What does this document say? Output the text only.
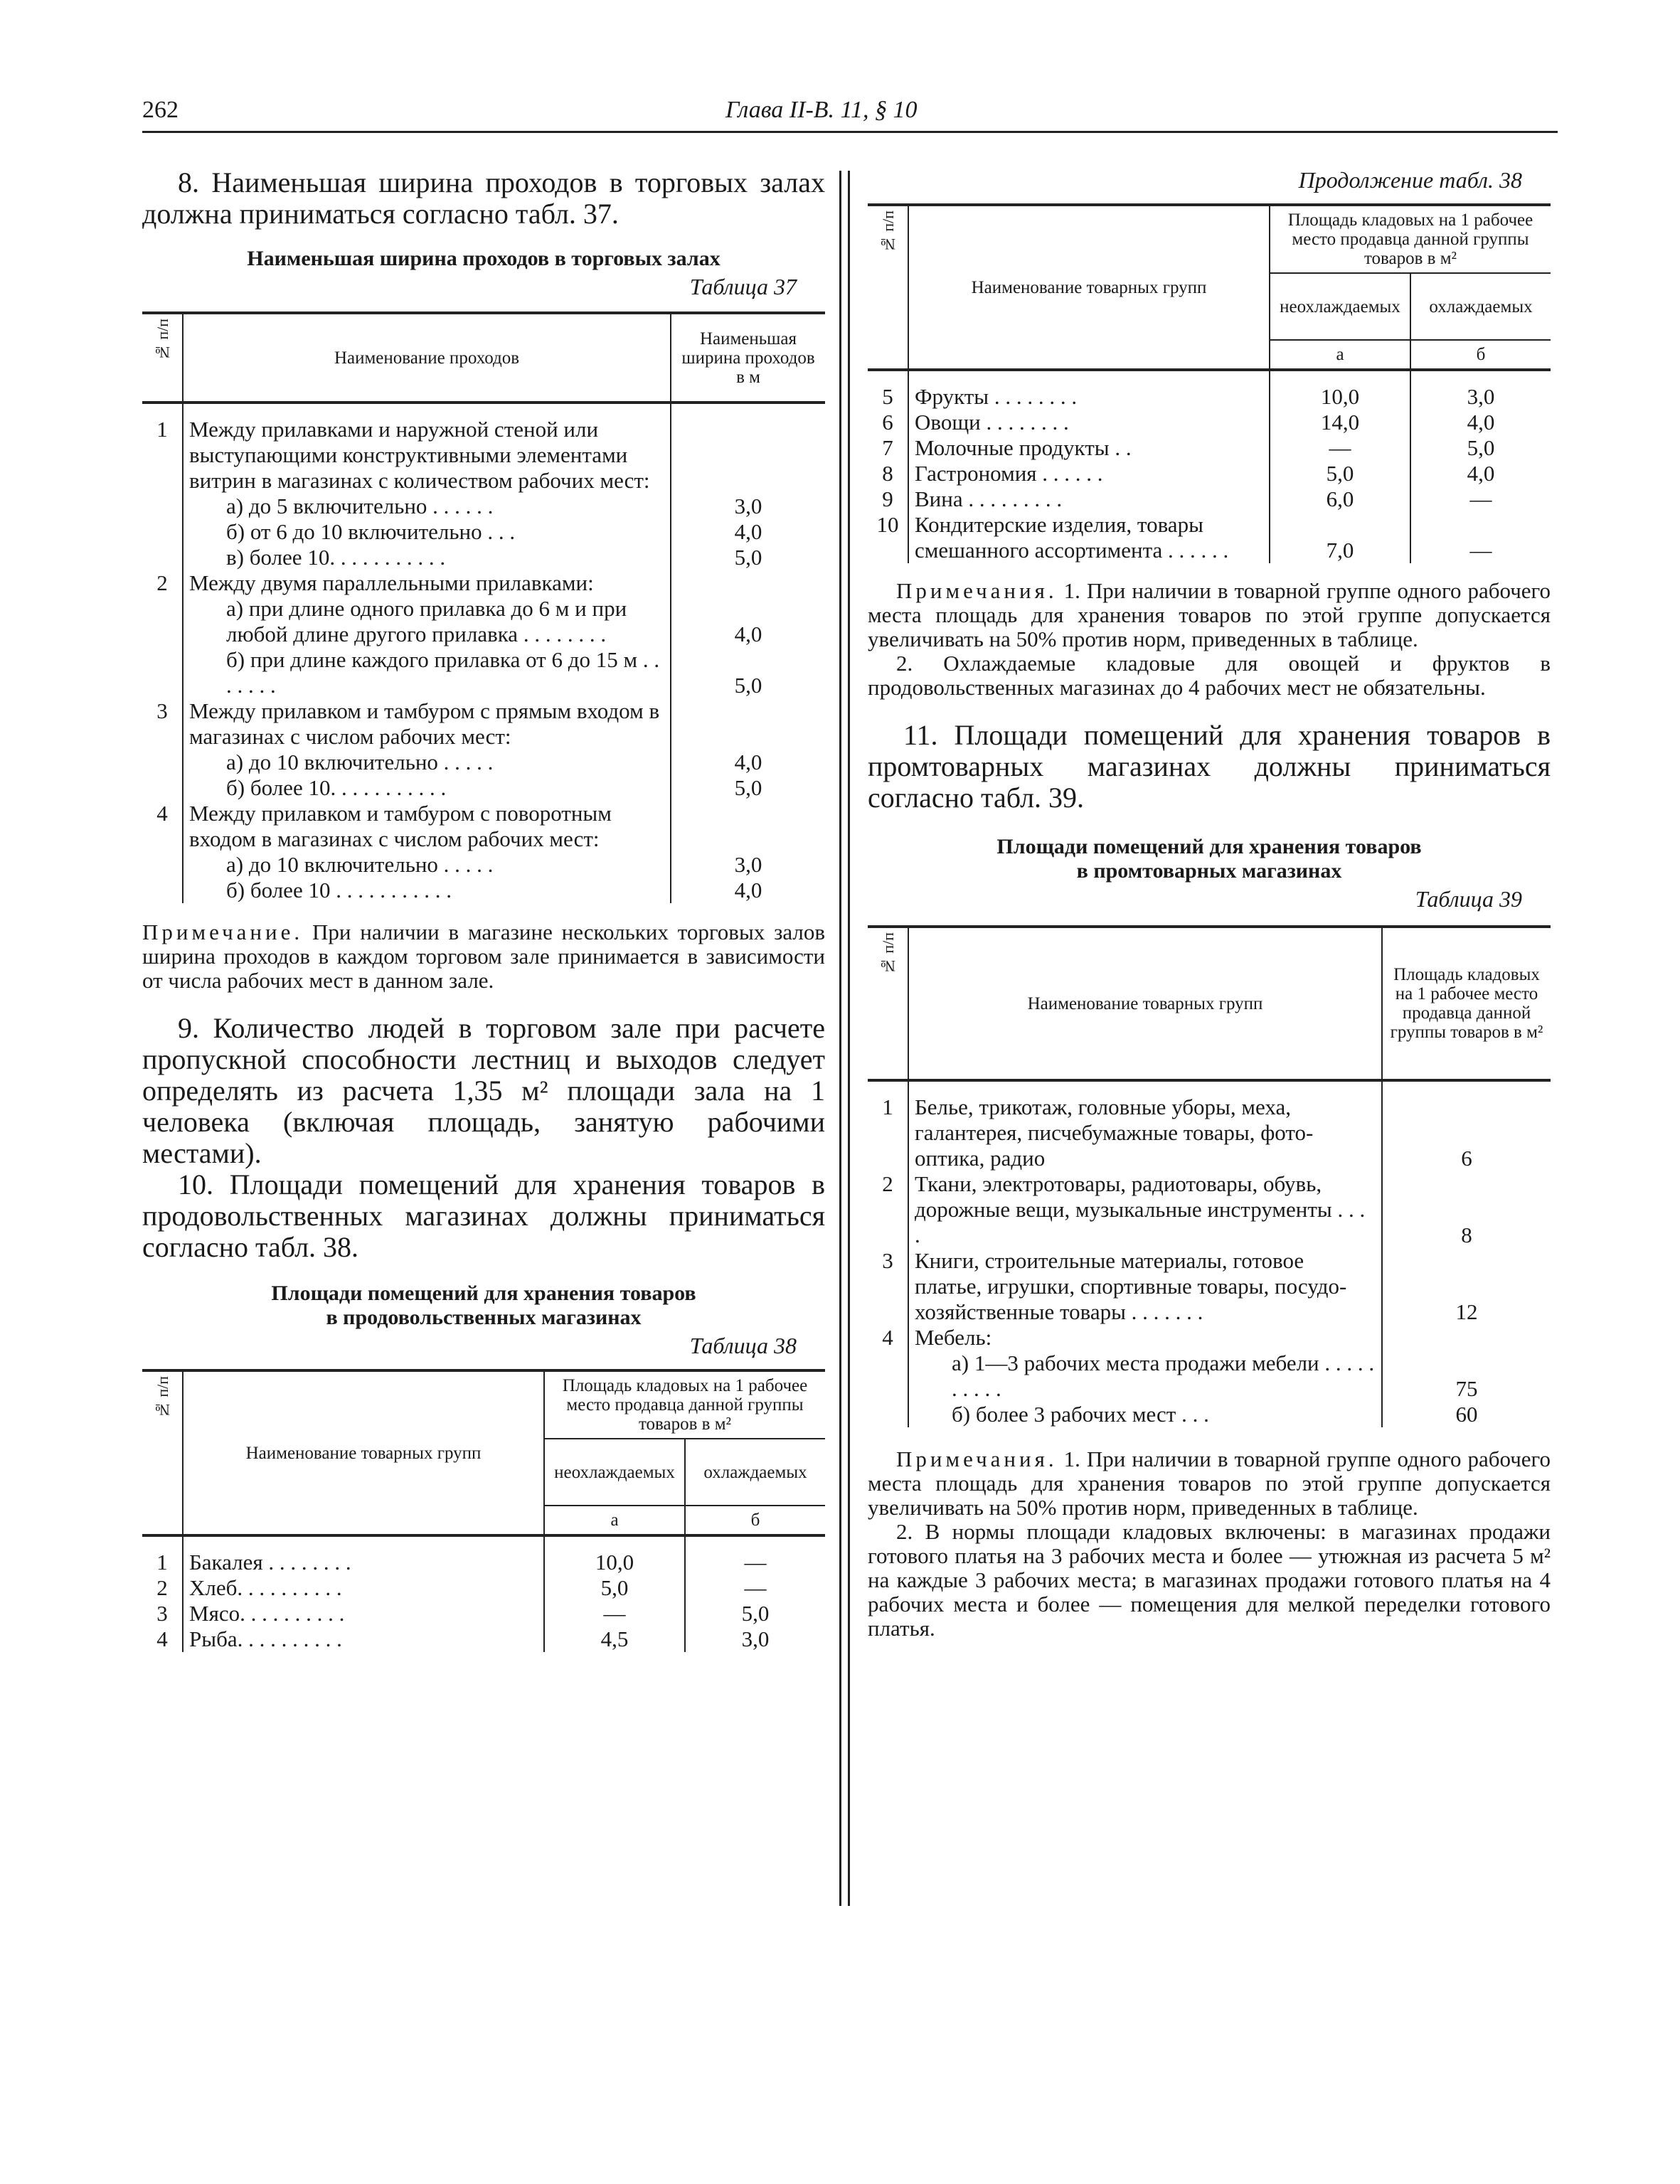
262	Глава II-B. 11, § 10

8. Наименьшая ширина проходов в торговых залах должна приниматься согласно табл. 37.

Наименьшая ширина проходов в торговых залах

Таблица 37

№ п/п	Наименование проходов	Наименьшая ширина проходов в м

1	Между прилавками и наружной стеной или выступающими конструктивными элементами витрин в магазинах с количеством рабочих мест:	
	а) до 5 включительно . . . . . .	3,0
	б) от 6 до 10 включительно . . .	4,0
	в) более 10. . . . . . . . . . .	5,0
2	Между двумя параллельными прилавками:	
	а) при длине одного прилавка до 6 м и при любой длине другого прилавка . . . . . . . .	4,0
	б) при длине каждого прилавка от 6 до 15 м . . . . . . .	5,0
3	Между прилавком и тамбуром с прямым входом в магазинах с числом рабочих мест:	
	а) до 10 включительно . . . . .	4,0
	б) более 10. . . . . . . . . . .	5,0
4	Между прилавком и тамбуром с поворотным входом в магазинах с числом рабочих мест:	
	а) до 10 включительно . . . . .	3,0
	б) более 10 . . . . . . . . . . .	4,0

Примечание. При наличии в магазине нескольких торговых залов ширина проходов в каждом торговом зале принимается в зависимости от числа рабочих мест в данном зале.

9. Количество людей в торговом зале при расчете пропускной способности лестниц и выходов следует определять из расчета 1,35 м² площади зала на 1 человека (включая площадь, занятую рабочими местами).

10. Площади помещений для хранения товаров в продовольственных магазинах должны приниматься согласно табл. 38.

Площади помещений для хранения товаров

в продовольственных магазинах

Таблица 38

№ п/п	Наименование товарных групп	Площадь кладовых на 1 рабочее место продавца данной группы товаров в м²	
		неохлаждаемых	охлаждаемых
		а	б

1	Бакалея . . . . . . . .	10,0	—
2	Хлеб. . . . . . . . . .	5,0	—
3	Мясо. . . . . . . . . .	—	5,0
4	Рыба. . . . . . . . . .	4,5	3,0

Продолжение табл. 38

№ п/п	Наименование товарных групп	Площадь кладовых на 1 рабочее место продавца данной группы товаров в м²	
		неохлаждаемых	охлаждаемых
		а	б

5	Фрукты . . . . . . . .	10,0	3,0
6	Овощи . . . . . . . .	14,0	4,0
7	Молочные продукты . .	—	5,0
8	Гастрономия . . . . . .	5,0	4,0
9	Вина . . . . . . . . .	6,0	—
10	Кондитерские изделия, товары смешанного ассортимента . . . . . .	7,0	—

Примечания. 1. При наличии в товарной группе одного рабочего места площадь для хранения товаров по этой группе допускается увеличивать на 50% против норм, приведенных в таблице.

2. Охлаждаемые кладовые для овощей и фруктов в продовольственных магазинах до 4 рабочих мест не обязательны.

11. Площади помещений для хранения товаров в промтоварных магазинах должны приниматься согласно табл. 39.

Площади помещений для хранения товаров

в промтоварных магазинах

Таблица 39

№ п/п	Наименование товарных групп	Площадь кладовых на 1 рабочее место продавца данной группы товаров в м²

1	Белье, трикотаж, головные уборы, меха, галантерея, писчебумажные товары, фото-оптика, радио	6
2	Ткани, электротовары, радиотовары, обувь, дорожные вещи, музыкальные инструменты . . . .	8
3	Книги, строительные материалы, готовое платье, игрушки, спортивные товары, посудо-хозяйственные товары . . . . . . .	12
4	Мебель:	
	а) 1—3 рабочих места продажи мебели . . . . . . . . . .	75
	б) более 3 рабочих мест . . .	60

Примечания. 1. При наличии в товарной группе одного рабочего места площадь для хранения товаров по этой группе допускается увеличивать на 50% против норм, приведенных в таблице.

2. В нормы площади кладовых включены: в магазинах продажи готового платья на 3 рабочих места и более — утюжная из расчета 5 м² на каждые 3 рабочих места; в магазинах продажи готового платья на 4 рабочих места и более — помещения для мелкой переделки готового платья.
